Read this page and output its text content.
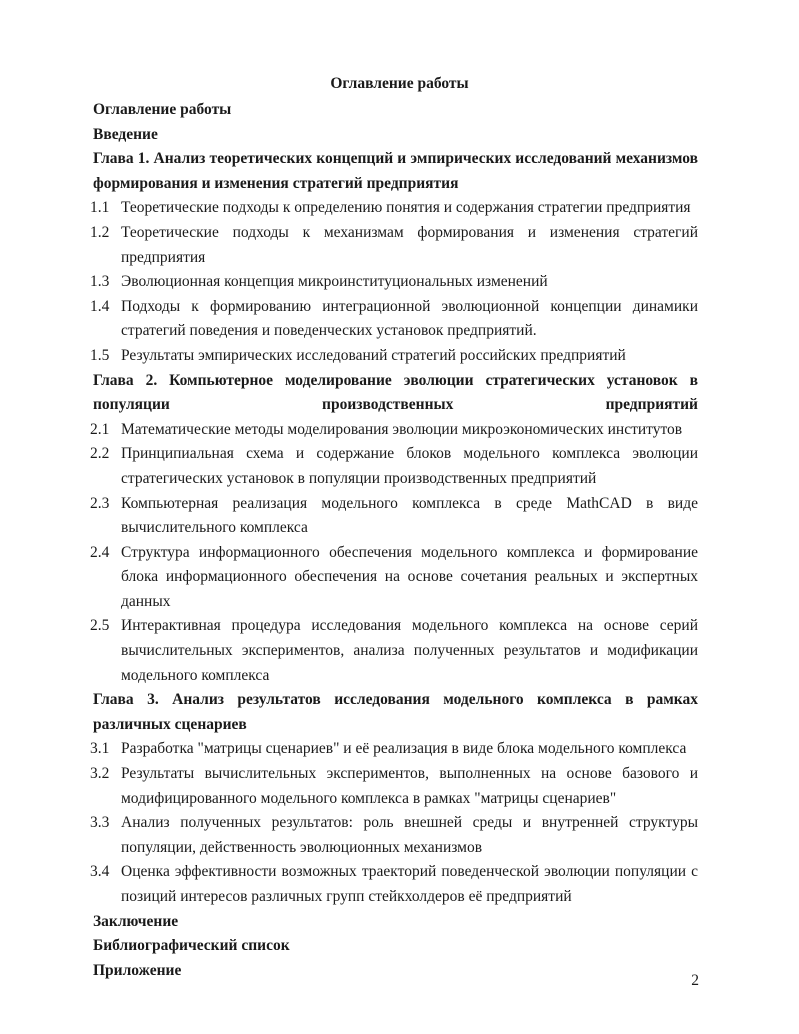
Оглавление работы
Оглавление работы
Введение
Глава 1. Анализ теоретических концепций и эмпирических исследований механизмов формирования и изменения стратегий предприятия
1.1 Теоретические подходы к определению понятия и содержания стратегии предприятия
1.2 Теоретические подходы к механизмам формирования и изменения стратегий предприятия
1.3 Эволюционная концепция микроинституциональных изменений
1.4 Подходы к формированию интеграционной эволюционной концепции динамики стратегий поведения и поведенческих установок предприятий.
1.5 Результаты эмпирических исследований стратегий российских предприятий
Глава 2. Компьютерное моделирование эволюции стратегических установок в популяции производственных предприятий
2.1 Математические методы моделирования эволюции микроэкономических институтов
2.2 Принципиальная схема и содержание блоков модельного комплекса эволюции стратегических установок в популяции производственных предприятий
2.3 Компьютерная реализация модельного комплекса в среде MathCAD в виде вычислительного комплекса
2.4 Структура информационного обеспечения модельного комплекса и формирование блока информационного обеспечения на основе сочетания реальных и экспертных данных
2.5 Интерактивная процедура исследования модельного комплекса на основе серий вычислительных экспериментов, анализа полученных результатов и модификации модельного комплекса
Глава 3. Анализ результатов исследования модельного комплекса в рамках различных сценариев
3.1 Разработка "матрицы сценариев" и её реализация в виде блока модельного комплекса
3.2 Результаты вычислительных экспериментов, выполненных на основе базового и модифицированного модельного комплекса в рамках "матрицы сценариев"
3.3 Анализ полученных результатов: роль внешней среды и внутренней структуры популяции, действенность эволюционных механизмов
3.4 Оценка эффективности возможных траекторий поведенческой эволюции популяции с позиций интересов различных групп стейкхолдеров её предприятий
Заключение
Библиографический список
Приложение
2
